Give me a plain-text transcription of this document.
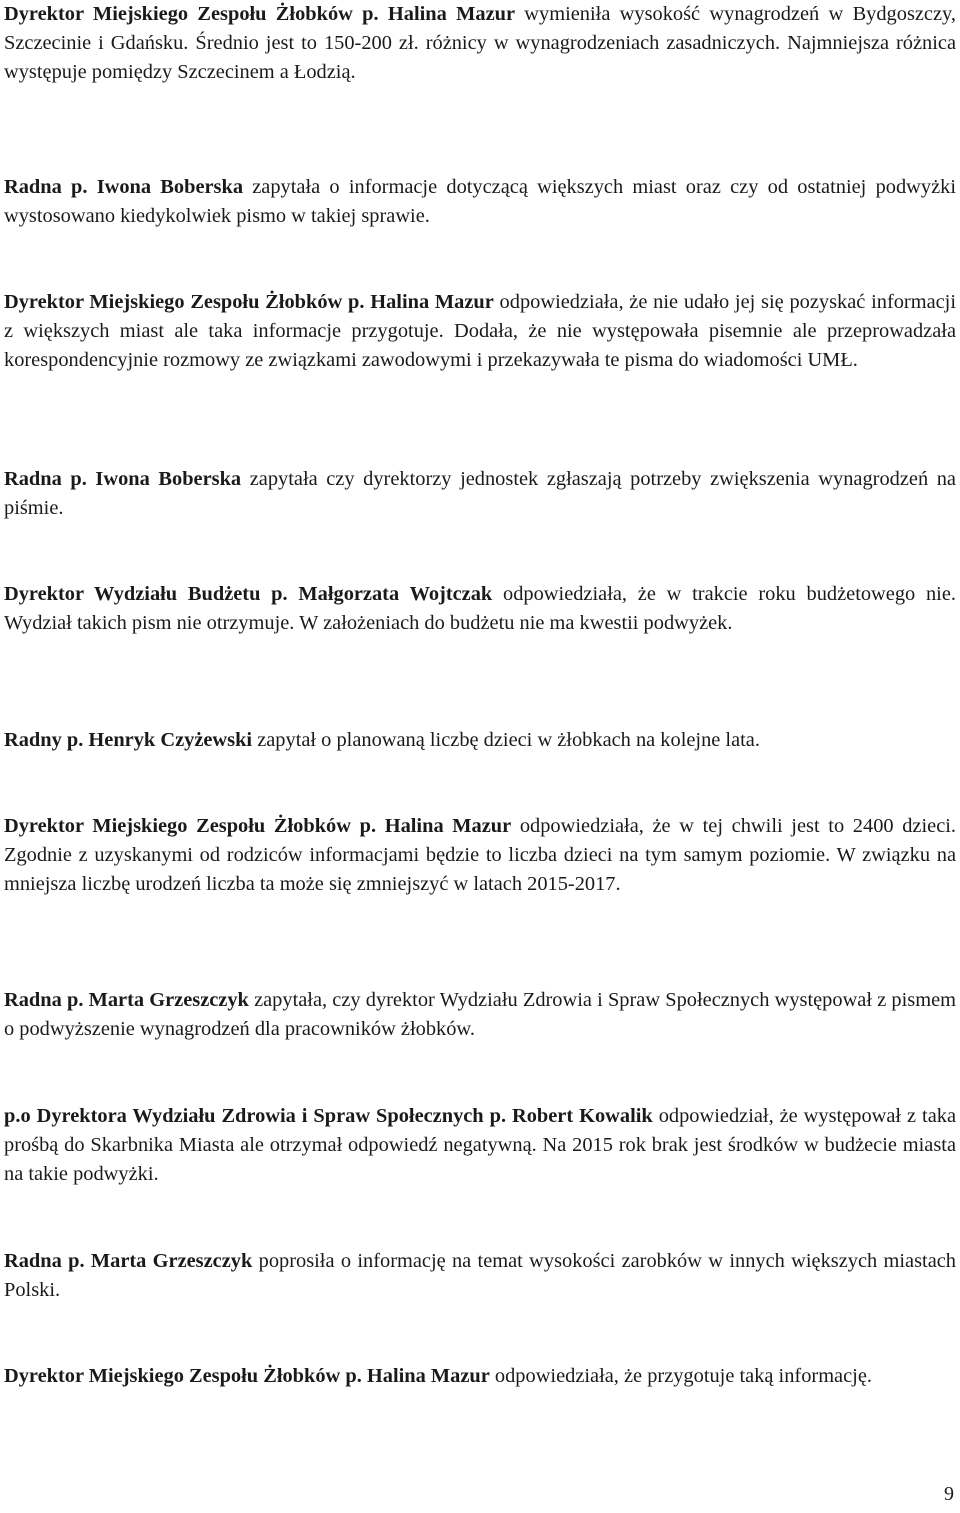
Dyrektor Miejskiego Zespołu Żłobków p. Halina Mazur wymieniła wysokość wynagrodzeń w Bydgoszczy, Szczecinie i Gdańsku. Średnio jest to 150-200 zł. różnicy w wynagrodzeniach zasadniczych. Najmniejsza różnica występuje pomiędzy Szczecinem a Łodzią.

Radna p. Iwona Boberska zapytała o informacje dotyczącą większych miast oraz czy od ostatniej podwyżki wystosowano kiedykolwiek pismo w takiej sprawie.

Dyrektor Miejskiego Zespołu Żłobków p. Halina Mazur odpowiedziała, że nie udało jej się pozyskać informacji z większych miast ale taka informacje przygotuje. Dodała, że nie występowała pisemnie ale przeprowadzała korespondencyjnie rozmowy ze związkami zawodowymi i przekazywała te pisma do wiadomości UMŁ.

Radna p. Iwona Boberska zapytała czy dyrektorzy jednostek zgłaszają potrzeby zwiększenia wynagrodzeń na piśmie.

Dyrektor Wydziału Budżetu p. Małgorzata Wojtczak odpowiedziała, że w trakcie roku budżetowego nie. Wydział takich pism nie otrzymuje. W założeniach do budżetu nie ma kwestii podwyżek.

Radny p. Henryk Czyżewski zapytał o planowaną liczbę dzieci w żłobkach na kolejne lata.

Dyrektor Miejskiego Zespołu Żłobków p. Halina Mazur odpowiedziała, że w tej chwili jest to 2400 dzieci. Zgodnie z uzyskanymi od rodziców informacjami będzie to liczba dzieci na tym samym poziomie. W związku na mniejsza liczbę urodzeń liczba ta może się zmniejszyć w latach 2015-2017.

Radna p. Marta Grzeszczyk zapytała, czy dyrektor Wydziału Zdrowia i Spraw Społecznych występował z pismem o podwyższenie wynagrodzeń dla pracowników żłobków.

p.o Dyrektora Wydziału Zdrowia i Spraw Społecznych p. Robert Kowalik odpowiedział, że występował z taka prośbą do Skarbnika Miasta ale otrzymał odpowiedź negatywną. Na 2015 rok brak jest środków w budżecie miasta na takie podwyżki.

Radna p. Marta Grzeszczyk poprosiła o informację na temat wysokości zarobków w innych większych miastach Polski.

Dyrektor Miejskiego Zespołu Żłobków p. Halina Mazur odpowiedziała, że przygotuje taką informację.

9
